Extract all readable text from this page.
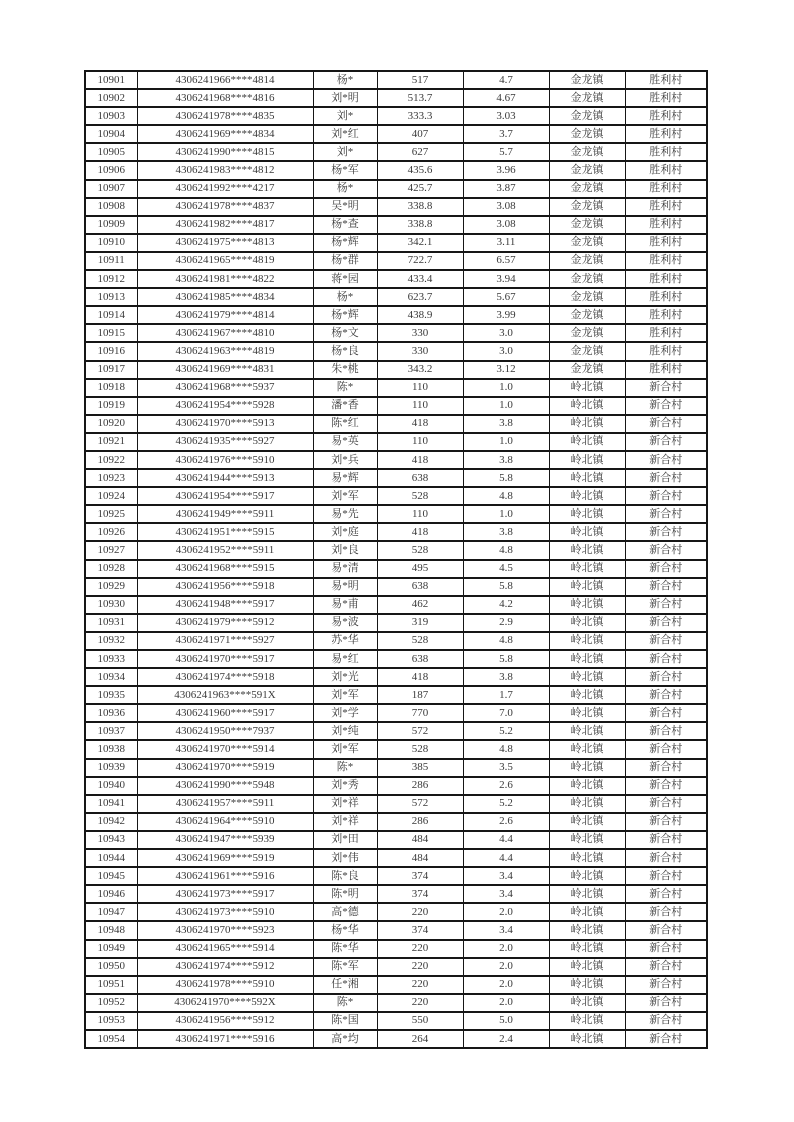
10901	4306241966****4814	杨*	517	4.7	金龙镇	胜利村
10902	4306241968****4816	刘*明	513.7	4.67	金龙镇	胜利村
10903	4306241978****4835	刘*	333.3	3.03	金龙镇	胜利村
10904	4306241969****4834	刘*红	407	3.7	金龙镇	胜利村
10905	4306241990****4815	刘*	627	5.7	金龙镇	胜利村
10906	4306241983****4812	杨*军	435.6	3.96	金龙镇	胜利村
10907	4306241992****4217	杨*	425.7	3.87	金龙镇	胜利村
10908	4306241978****4837	吴*明	338.8	3.08	金龙镇	胜利村
10909	4306241982****4817	杨*查	338.8	3.08	金龙镇	胜利村
10910	4306241975****4813	杨*辉	342.1	3.11	金龙镇	胜利村
10911	4306241965****4819	杨*群	722.7	6.57	金龙镇	胜利村
10912	4306241981****4822	蒋*园	433.4	3.94	金龙镇	胜利村
10913	4306241985****4834	杨*	623.7	5.67	金龙镇	胜利村
10914	4306241979****4814	杨*辉	438.9	3.99	金龙镇	胜利村
10915	4306241967****4810	杨*文	330	3.0	金龙镇	胜利村
10916	4306241963****4819	杨*良	330	3.0	金龙镇	胜利村
10917	4306241969****4831	朱*桃	343.2	3.12	金龙镇	胜利村
10918	4306241968****5937	陈*	110	1.0	岭北镇	新合村
10919	4306241954****5928	潘*香	110	1.0	岭北镇	新合村
10920	4306241970****5913	陈*红	418	3.8	岭北镇	新合村
10921	4306241935****5927	易*英	110	1.0	岭北镇	新合村
10922	4306241976****5910	刘*兵	418	3.8	岭北镇	新合村
10923	4306241944****5913	易*辉	638	5.8	岭北镇	新合村
10924	4306241954****5917	刘*军	528	4.8	岭北镇	新合村
10925	4306241949****5911	易*先	110	1.0	岭北镇	新合村
10926	4306241951****5915	刘*庭	418	3.8	岭北镇	新合村
10927	4306241952****5911	刘*良	528	4.8	岭北镇	新合村
10928	4306241968****5915	易*清	495	4.5	岭北镇	新合村
10929	4306241956****5918	易*明	638	5.8	岭北镇	新合村
10930	4306241948****5917	易*甫	462	4.2	岭北镇	新合村
10931	4306241979****5912	易*波	319	2.9	岭北镇	新合村
10932	4306241971****5927	苏*华	528	4.8	岭北镇	新合村
10933	4306241970****5917	易*红	638	5.8	岭北镇	新合村
10934	4306241974****5918	刘*光	418	3.8	岭北镇	新合村
10935	4306241963****591X	刘*军	187	1.7	岭北镇	新合村
10936	4306241960****5917	刘*学	770	7.0	岭北镇	新合村
10937	4306241950****7937	刘*纯	572	5.2	岭北镇	新合村
10938	4306241970****5914	刘*军	528	4.8	岭北镇	新合村
10939	4306241970****5919	陈*	385	3.5	岭北镇	新合村
10940	4306241990****5948	刘*秀	286	2.6	岭北镇	新合村
10941	4306241957****5911	刘*祥	572	5.2	岭北镇	新合村
10942	4306241964****5910	刘*祥	286	2.6	岭北镇	新合村
10943	4306241947****5939	刘*田	484	4.4	岭北镇	新合村
10944	4306241969****5919	刘*伟	484	4.4	岭北镇	新合村
10945	4306241961****5916	陈*良	374	3.4	岭北镇	新合村
10946	4306241973****5917	陈*明	374	3.4	岭北镇	新合村
10947	4306241973****5910	高*德	220	2.0	岭北镇	新合村
10948	4306241970****5923	杨*华	374	3.4	岭北镇	新合村
10949	4306241965****5914	陈*华	220	2.0	岭北镇	新合村
10950	4306241974****5912	陈*军	220	2.0	岭北镇	新合村
10951	4306241978****5910	任*湘	220	2.0	岭北镇	新合村
10952	4306241970****592X	陈*	220	2.0	岭北镇	新合村
10953	4306241956****5912	陈*国	550	5.0	岭北镇	新合村
10954	4306241971****5916	高*均	264	2.4	岭北镇	新合村
